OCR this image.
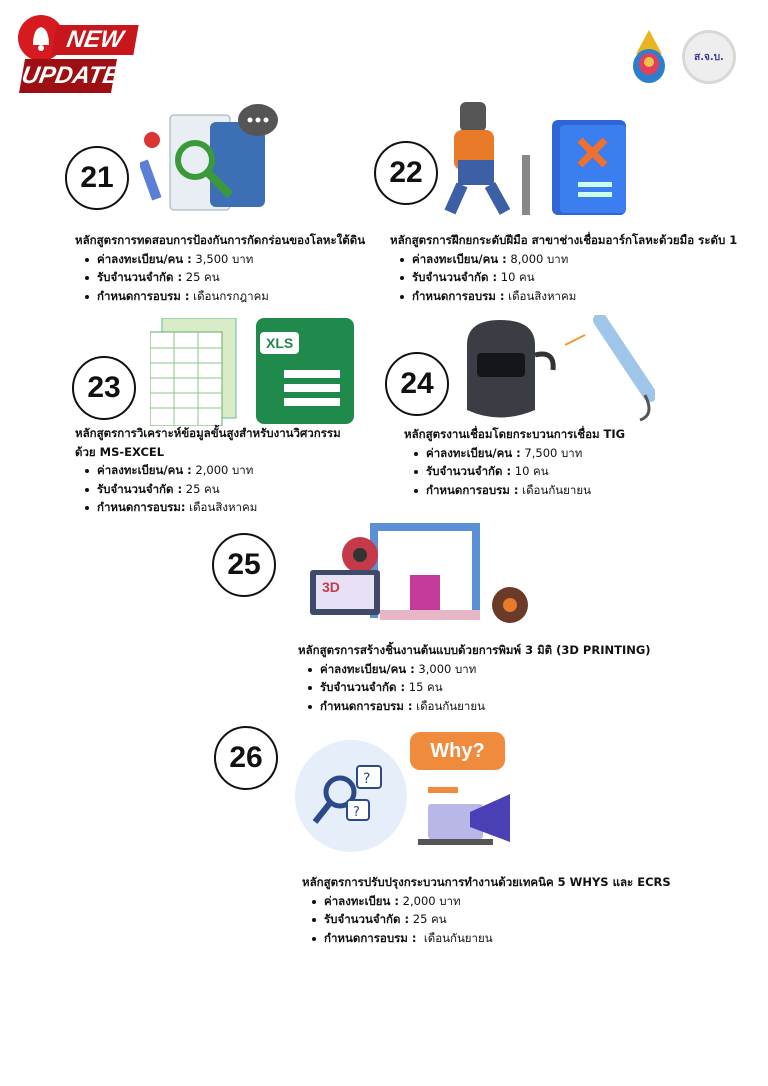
NEW
UPDATE
ส.จ.บ.
21
หลักสูตรการทดสอบการป้องกันการกัดกร่อนของโลหะใต้ดิน
ค่าลงทะเบียน/คน : 3,500 บาท
รับจำนวนจำกัด : 25 คน
กำหนดการอบรม : เดือนกรกฎาคม
22
หลักสูตรการฝึกยกระดับฝีมือ สาขาช่างเชื่อมอาร์กโลหะด้วยมือ ระดับ 1
ค่าลงทะเบียน/คน : 8,000 บาท
รับจำนวนจำกัด : 10 คน
กำหนดการอบรม : เดือนสิงหาคม
23
XLS
หลักสูตรการวิเคราะห์ข้อมูลขั้นสูงสำหรับงานวิศวกรรม
ด้วย MS-EXCEL
ค่าลงทะเบียน/คน : 2,000 บาท
รับจำนวนจำกัด : 25 คน
กำหนดการอบรม: เดือนสิงหาคม
24
หลักสูตรงานเชื่อมโดยกระบวนการเชื่อม TIG
ค่าลงทะเบียน/คน : 7,500 บาท
รับจำนวนจำกัด : 10 คน
กำหนดการอบรม : เดือนกันยายน
25
3D
หลักสูตรการสร้างชิ้นงานต้นแบบด้วยการพิมพ์ 3 มิติ (3D PRINTING)
ค่าลงทะเบียน/คน : 3,000 บาท
รับจำนวนจำกัด : 15 คน
กำหนดการอบรม : เดือนกันยายน
26
?
?
Why?
หลักสูตรการปรับปรุงกระบวนการทำงานด้วยเทคนิค 5 WHYS และ ECRS
ค่าลงทะเบียน : 2,000 บาท
รับจำนวนจำกัด : 25 คน
กำหนดการอบรม : เดือนกันยายน
